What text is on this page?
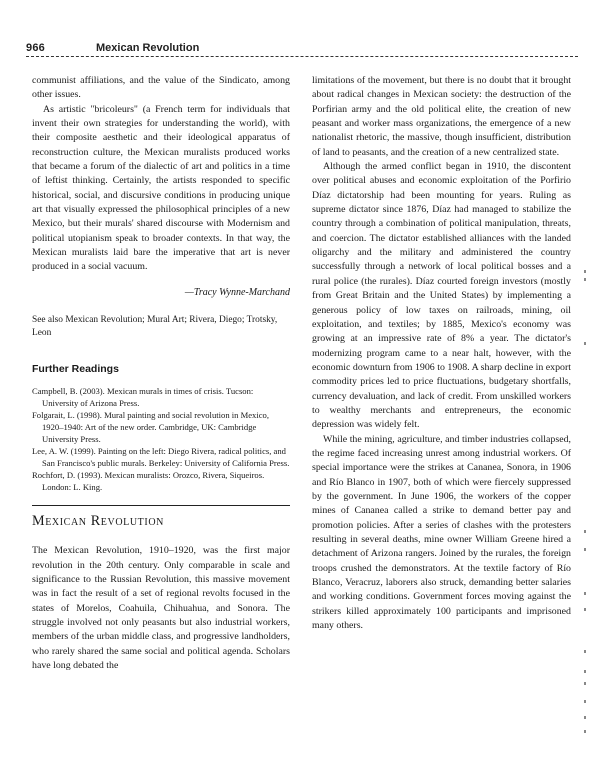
966	Mexican Revolution

communist affiliations, and the value of the Sindicato, among other issues.

As artistic "bricoleurs" (a French term for individuals that invent their own strategies for understanding the world), with their composite aesthetic and their ideological apparatus of reconstruction culture, the Mexican muralists produced works that became a forum of the dialectic of art and politics in a time of leftist thinking. Certainly, the artists responded to specific historical, social, and discursive conditions in producing unique art that visually expressed the philosophical principles of a new Mexico, but their murals' shared discourse with Modernism and political utopianism speak to broader contexts. In that way, the Mexican muralists laid bare the imperative that art is never produced in a social vacuum.

—Tracy Wynne-Marchand

See also Mexican Revolution; Mural Art; Rivera, Diego; Trotsky, Leon

Further Readings

Campbell, B. (2003). Mexican murals in times of crisis. Tucson: University of Arizona Press.

Folgarait, L. (1998). Mural painting and social revolution in Mexico, 1920–1940: Art of the new order. Cambridge, UK: Cambridge University Press.

Lee, A. W. (1999). Painting on the left: Diego Rivera, radical politics, and San Francisco's public murals. Berkeley: University of California Press.

Rochfort, D. (1993). Mexican muralists: Orozco, Rivera, Siqueiros. London: L. King.

Mexican Revolution

The Mexican Revolution, 1910–1920, was the first major revolution in the 20th century. Only comparable in scale and significance to the Russian Revolution, this massive movement was in fact the result of a set of regional revolts focused in the states of Morelos, Coahuila, Chihuahua, and Sonora. The struggle involved not only peasants but also industrial workers, members of the urban middle class, and progressive landholders, who rarely shared the same social and political agenda. Scholars have long debated the

limitations of the movement, but there is no doubt that it brought about radical changes in Mexican society: the destruction of the Porfirian army and the old political elite, the creation of new peasant and worker mass organizations, the emergence of a new nationalist rhetoric, the massive, though insufficient, distribution of land to peasants, and the creation of a new centralized state.

Although the armed conflict began in 1910, the discontent over political abuses and economic exploitation of the Porfirio Díaz dictatorship had been mounting for years. Ruling as supreme dictator since 1876, Díaz had managed to stabilize the country through a combination of political manipulation, threats, and coercion. The dictator established alliances with the landed oligarchy and the military and administered the country successfully through a network of local political bosses and a rural police (the rurales). Díaz courted foreign investors (mostly from Great Britain and the United States) by implementing a generous policy of low taxes on railroads, mining, oil exploitation, and textiles; by 1885, Mexico's economy was growing at an impressive rate of 8% a year. The dictator's modernizing program came to a near halt, however, with the economic downturn from 1906 to 1908. A sharp decline in export commodity prices led to price fluctuations, budgetary shortfalls, currency devaluation, and lack of credit. From unskilled workers to wealthy merchants and entrepreneurs, the economic depression was widely felt.

While the mining, agriculture, and timber industries collapsed, the regime faced increasing unrest among industrial workers. Of special importance were the strikes at Cananea, Sonora, in 1906 and Río Blanco in 1907, both of which were fiercely suppressed by the government. In June 1906, the workers of the copper mines of Cananea called a strike to demand better pay and promotion policies. After a series of clashes with the protesters resulting in several deaths, mine owner William Greene hired a detachment of Arizona rangers. Joined by the rurales, the foreign troops crushed the demonstrators. At the textile factory of Río Blanco, Veracruz, laborers also struck, demanding better salaries and working conditions. Government forces moving against the strikers killed approximately 100 participants and imprisoned many others.
